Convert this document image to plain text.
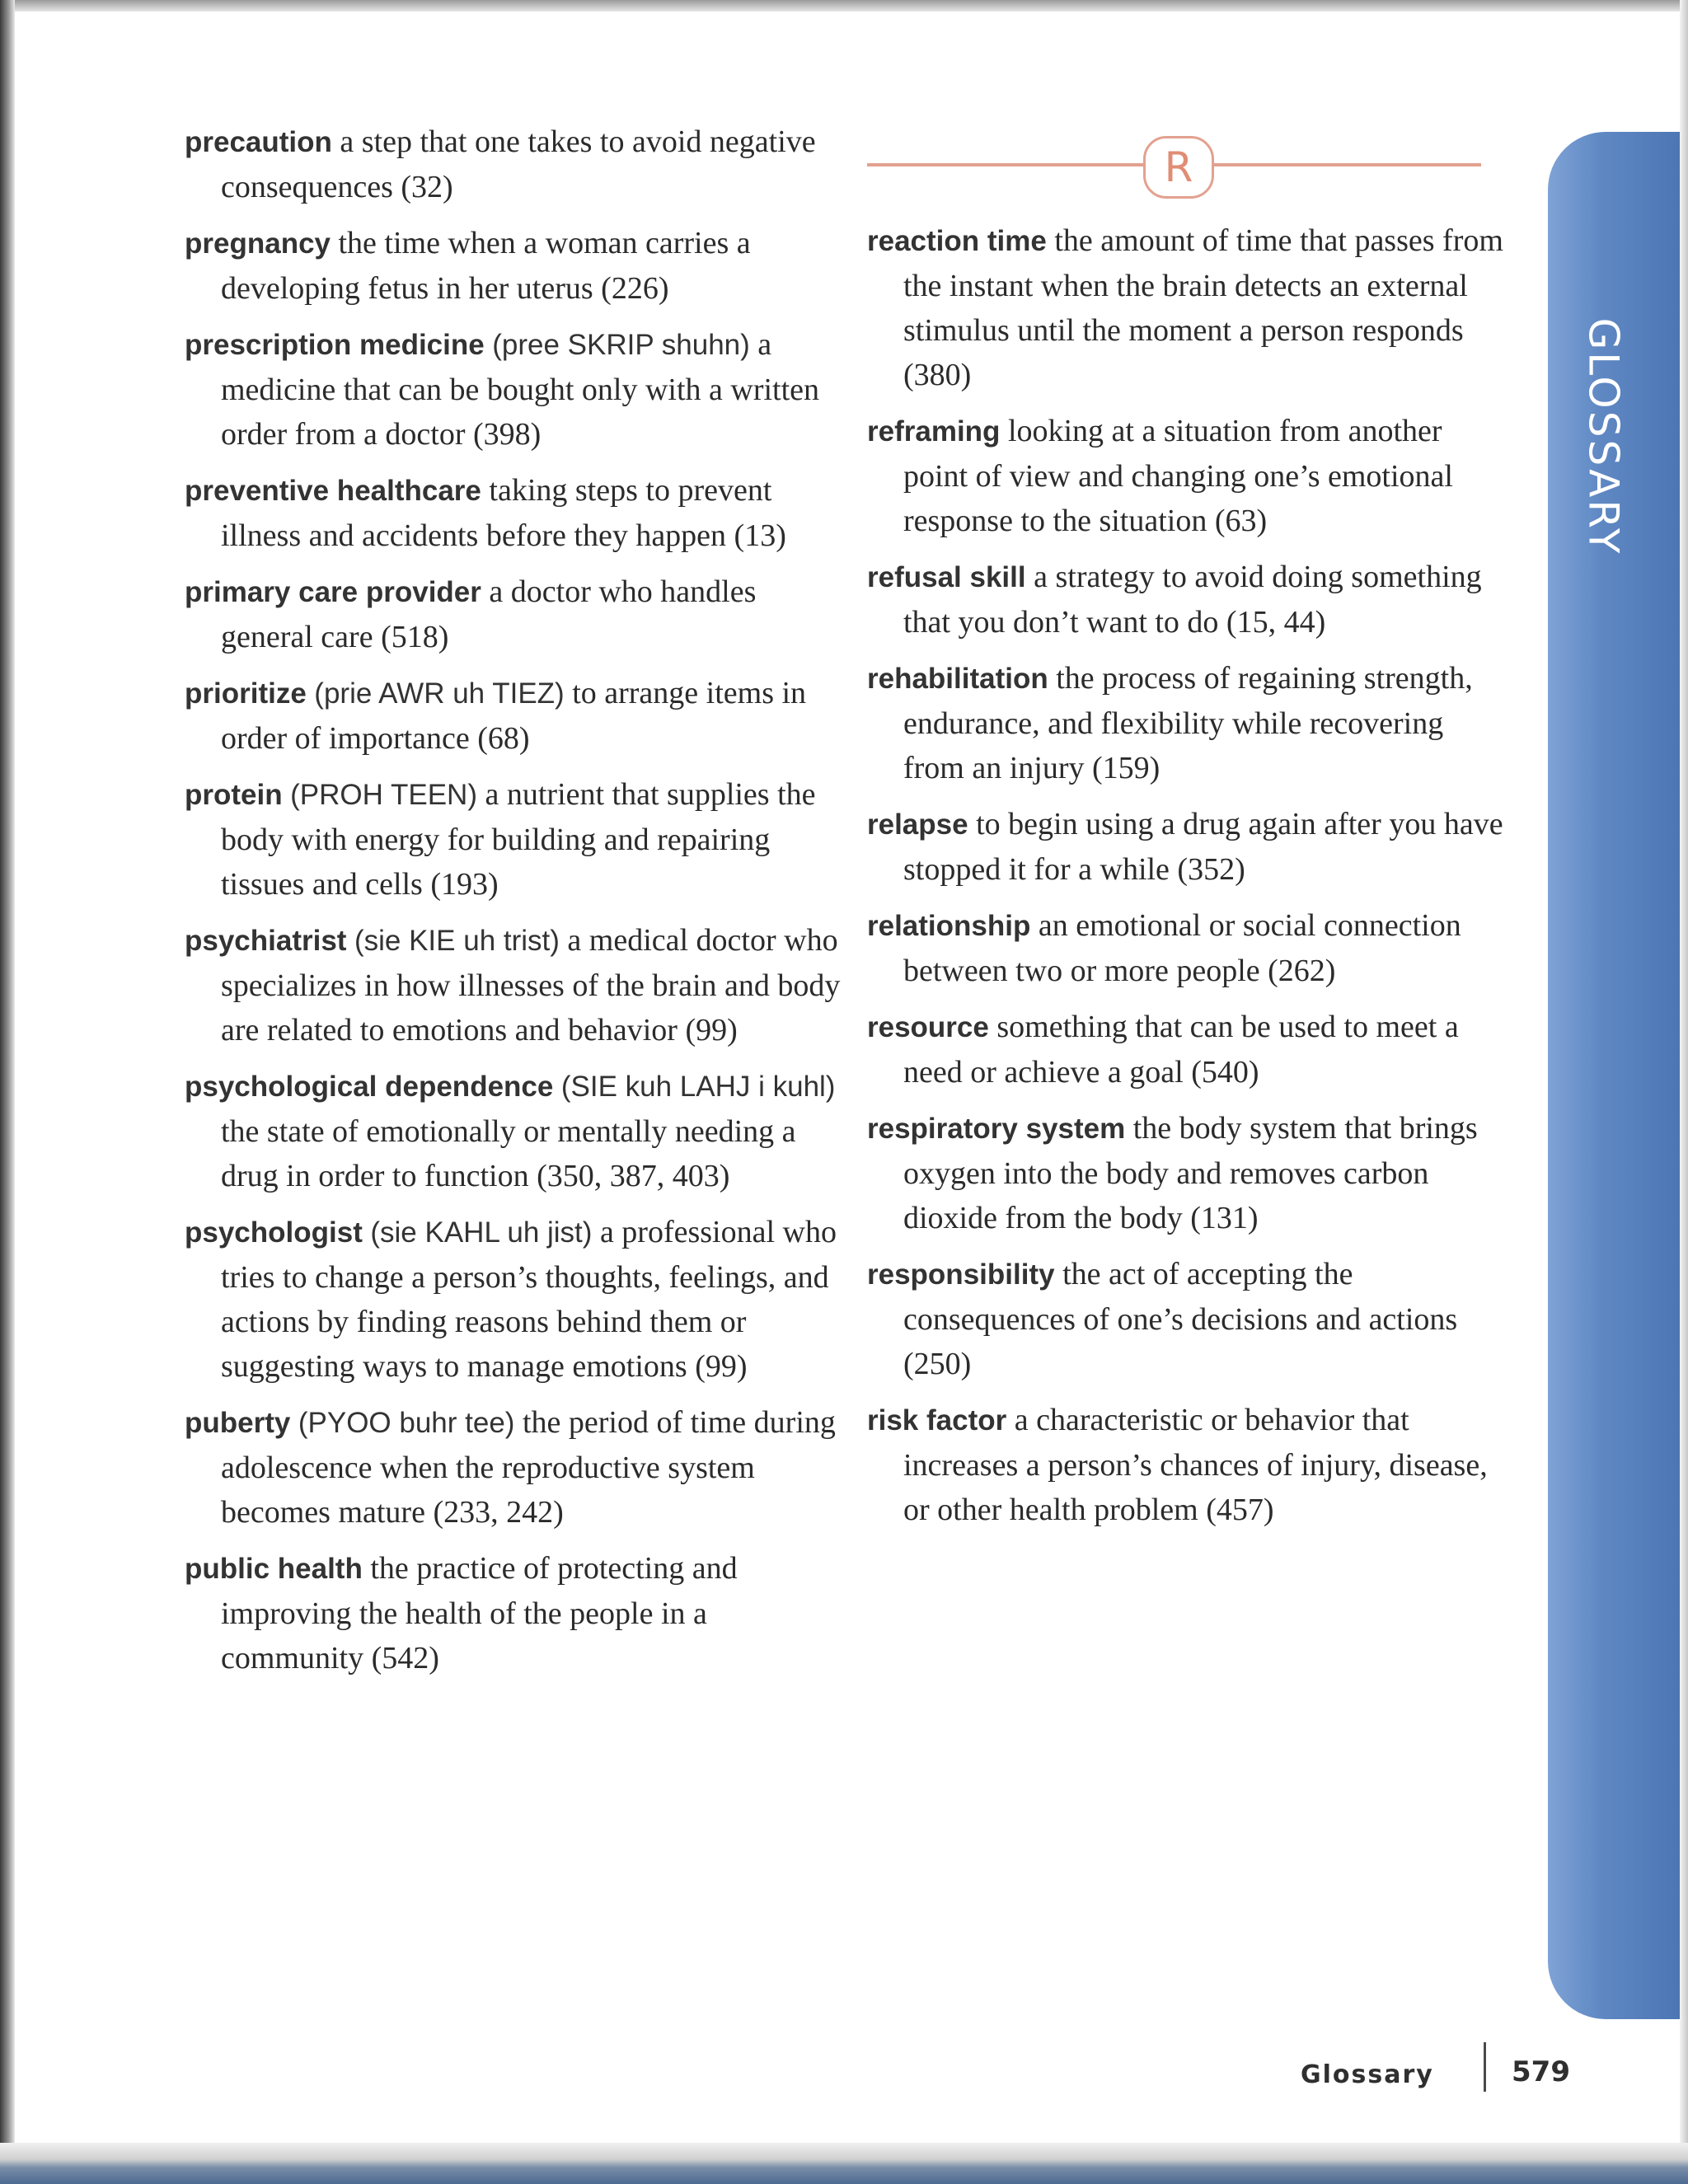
GLOSSARY

precaution a step that one takes to avoid negative consequences (32)

pregnancy the time when a woman carries a developing fetus in her uterus (226)

prescription medicine (pree SKRIP shuhn) a medicine that can be bought only with a written order from a doctor (398)

preventive healthcare taking steps to prevent illness and accidents before they happen (13)

primary care provider a doctor who handles general care (518)

prioritize (prie AWR uh TIEZ) to arrange items in order of importance (68)

protein (PROH TEEN) a nutrient that supplies the body with energy for building and repairing tissues and cells (193)

psychiatrist (sie KIE uh trist) a medical doctor who specializes in how illnesses of the brain and body are related to emotions and behavior (99)

psychological dependence (SIE kuh LAHJ i kuhl) the state of emotionally or mentally needing a drug in order to function (350, 387, 403)

psychologist (sie KAHL uh jist) a professional who tries to change a person’s thoughts, feelings, and actions by finding reasons behind them or suggesting ways to manage emotions (99)

puberty (PYOO buhr tee) the period of time during adolescence when the reproductive system becomes mature (233, 242)

public health the practice of protecting and improving the health of the people in a community (542)

R

reaction time the amount of time that passes from the instant when the brain detects an external stimulus until the moment a person responds (380)

reframing looking at a situation from another point of view and changing one’s emotional response to the situation (63)

refusal skill a strategy to avoid doing something that you don’t want to do (15, 44)

rehabilitation the process of regaining strength, endurance, and flexibility while recovering from an injury (159)

relapse to begin using a drug again after you have stopped it for a while (352)

relationship an emotional or social connection between two or more people (262)

resource something that can be used to meet a need or achieve a goal (540)

respiratory system the body system that brings oxygen into the body and removes carbon dioxide from the body (131)

responsibility the act of accepting the consequences of one’s decisions and actions (250)

risk factor a characteristic or behavior that increases a person’s chances of injury, disease, or other health problem (457)

Glossary	579
